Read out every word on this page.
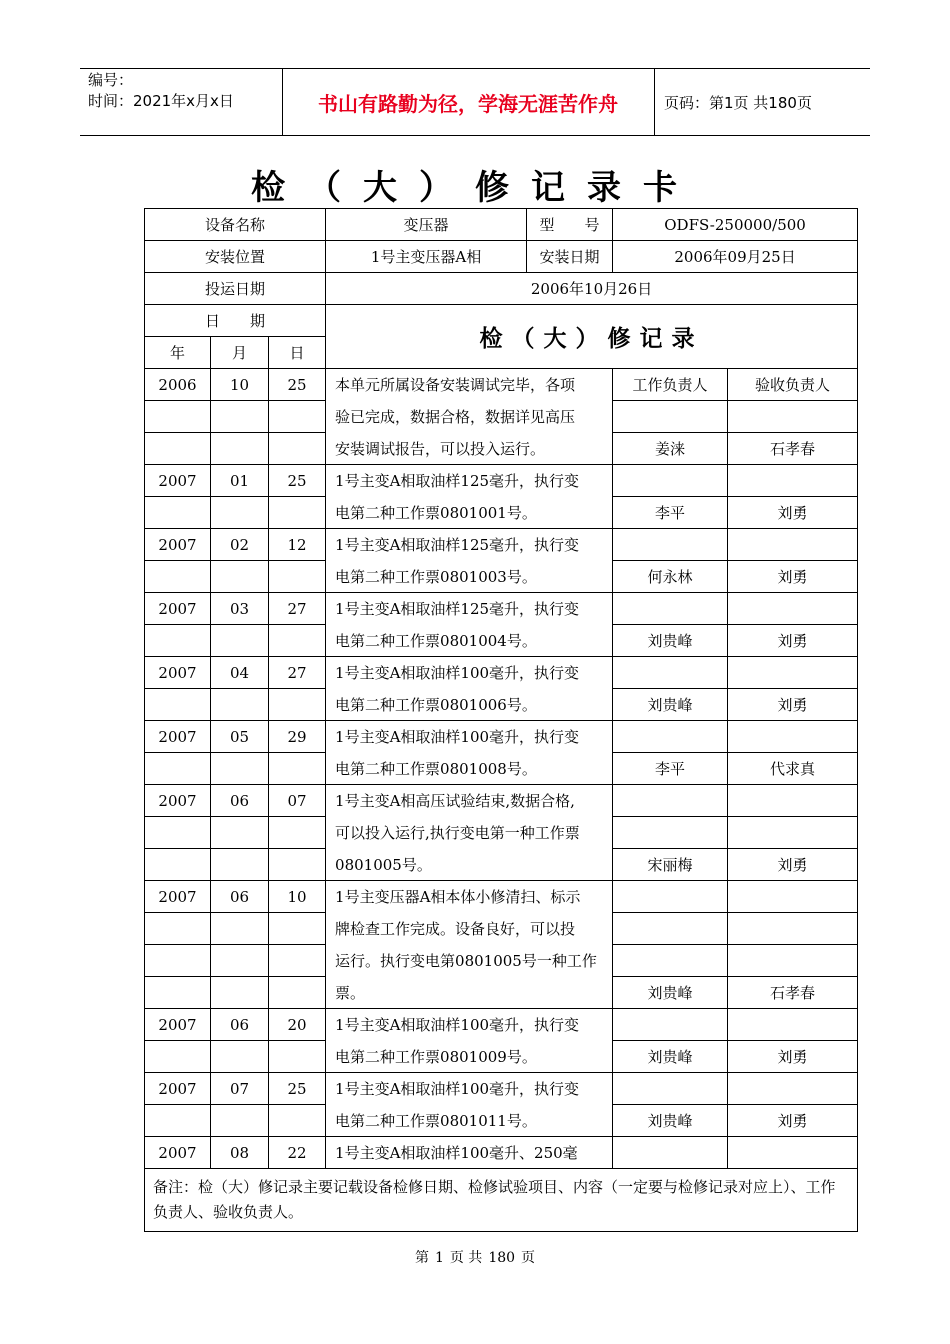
编号：
时间：2021年x月x日	书山有路勤为径，学海无涯苦作舟	页码：第1页 共180页
检（大）修记录卡
设备名称			变压器	型　　号	ODFS-250000/500	
安装位置			1号主变压器A相	安装日期	2006年09月25日	
投运日期			2006年10月26日			
日　　期			检（大）修记录			
年	月	日				
2006	10	25	本单元所属设备安装调试完毕，各项		工作负责人	验收负责人
			验已完成，数据合格，数据详见高压			
			安装调试报告，可以投入运行。		姜涞	石孝春
2007	01	25	1号主变A相取油样125毫升，执行变			
			电第二种工作票0801001号。		李平	刘勇
2007	02	12	1号主变A相取油样125毫升，执行变			
			电第二种工作票0801003号。		何永林	刘勇
2007	03	27	1号主变A相取油样125毫升，执行变			
			电第二种工作票0801004号。		刘贵峰	刘勇
2007	04	27	1号主变A相取油样100毫升，执行变			
			电第二种工作票0801006号。		刘贵峰	刘勇
2007	05	29	1号主变A相取油样100毫升，执行变			
			电第二种工作票0801008号。		李平	代求真
2007	06	07	1号主变A相高压试验结束,数据合格,			
			可以投入运行,执行变电第一种工作票			
			0801005号。		宋丽梅	刘勇
2007	06	10	1号主变压器A相本体小修清扫、标示			
			牌检查工作完成。设备良好，可以投			
			运行。执行变电第0801005号一种工作			
			票。		刘贵峰	石孝春
2007	06	20	1号主变A相取油样100毫升，执行变			
			电第二种工作票0801009号。		刘贵峰	刘勇
2007	07	25	1号主变A相取油样100毫升，执行变			
			电第二种工作票0801011号。		刘贵峰	刘勇
2007	08	22	1号主变A相取油样100毫升、250毫			
备注：检（大）修记录主要记载设备检修日期、检修试验项目、内容（一定要与检修记录对应上）、工作负责人、验收负责人。						
第 1 页 共 180 页
